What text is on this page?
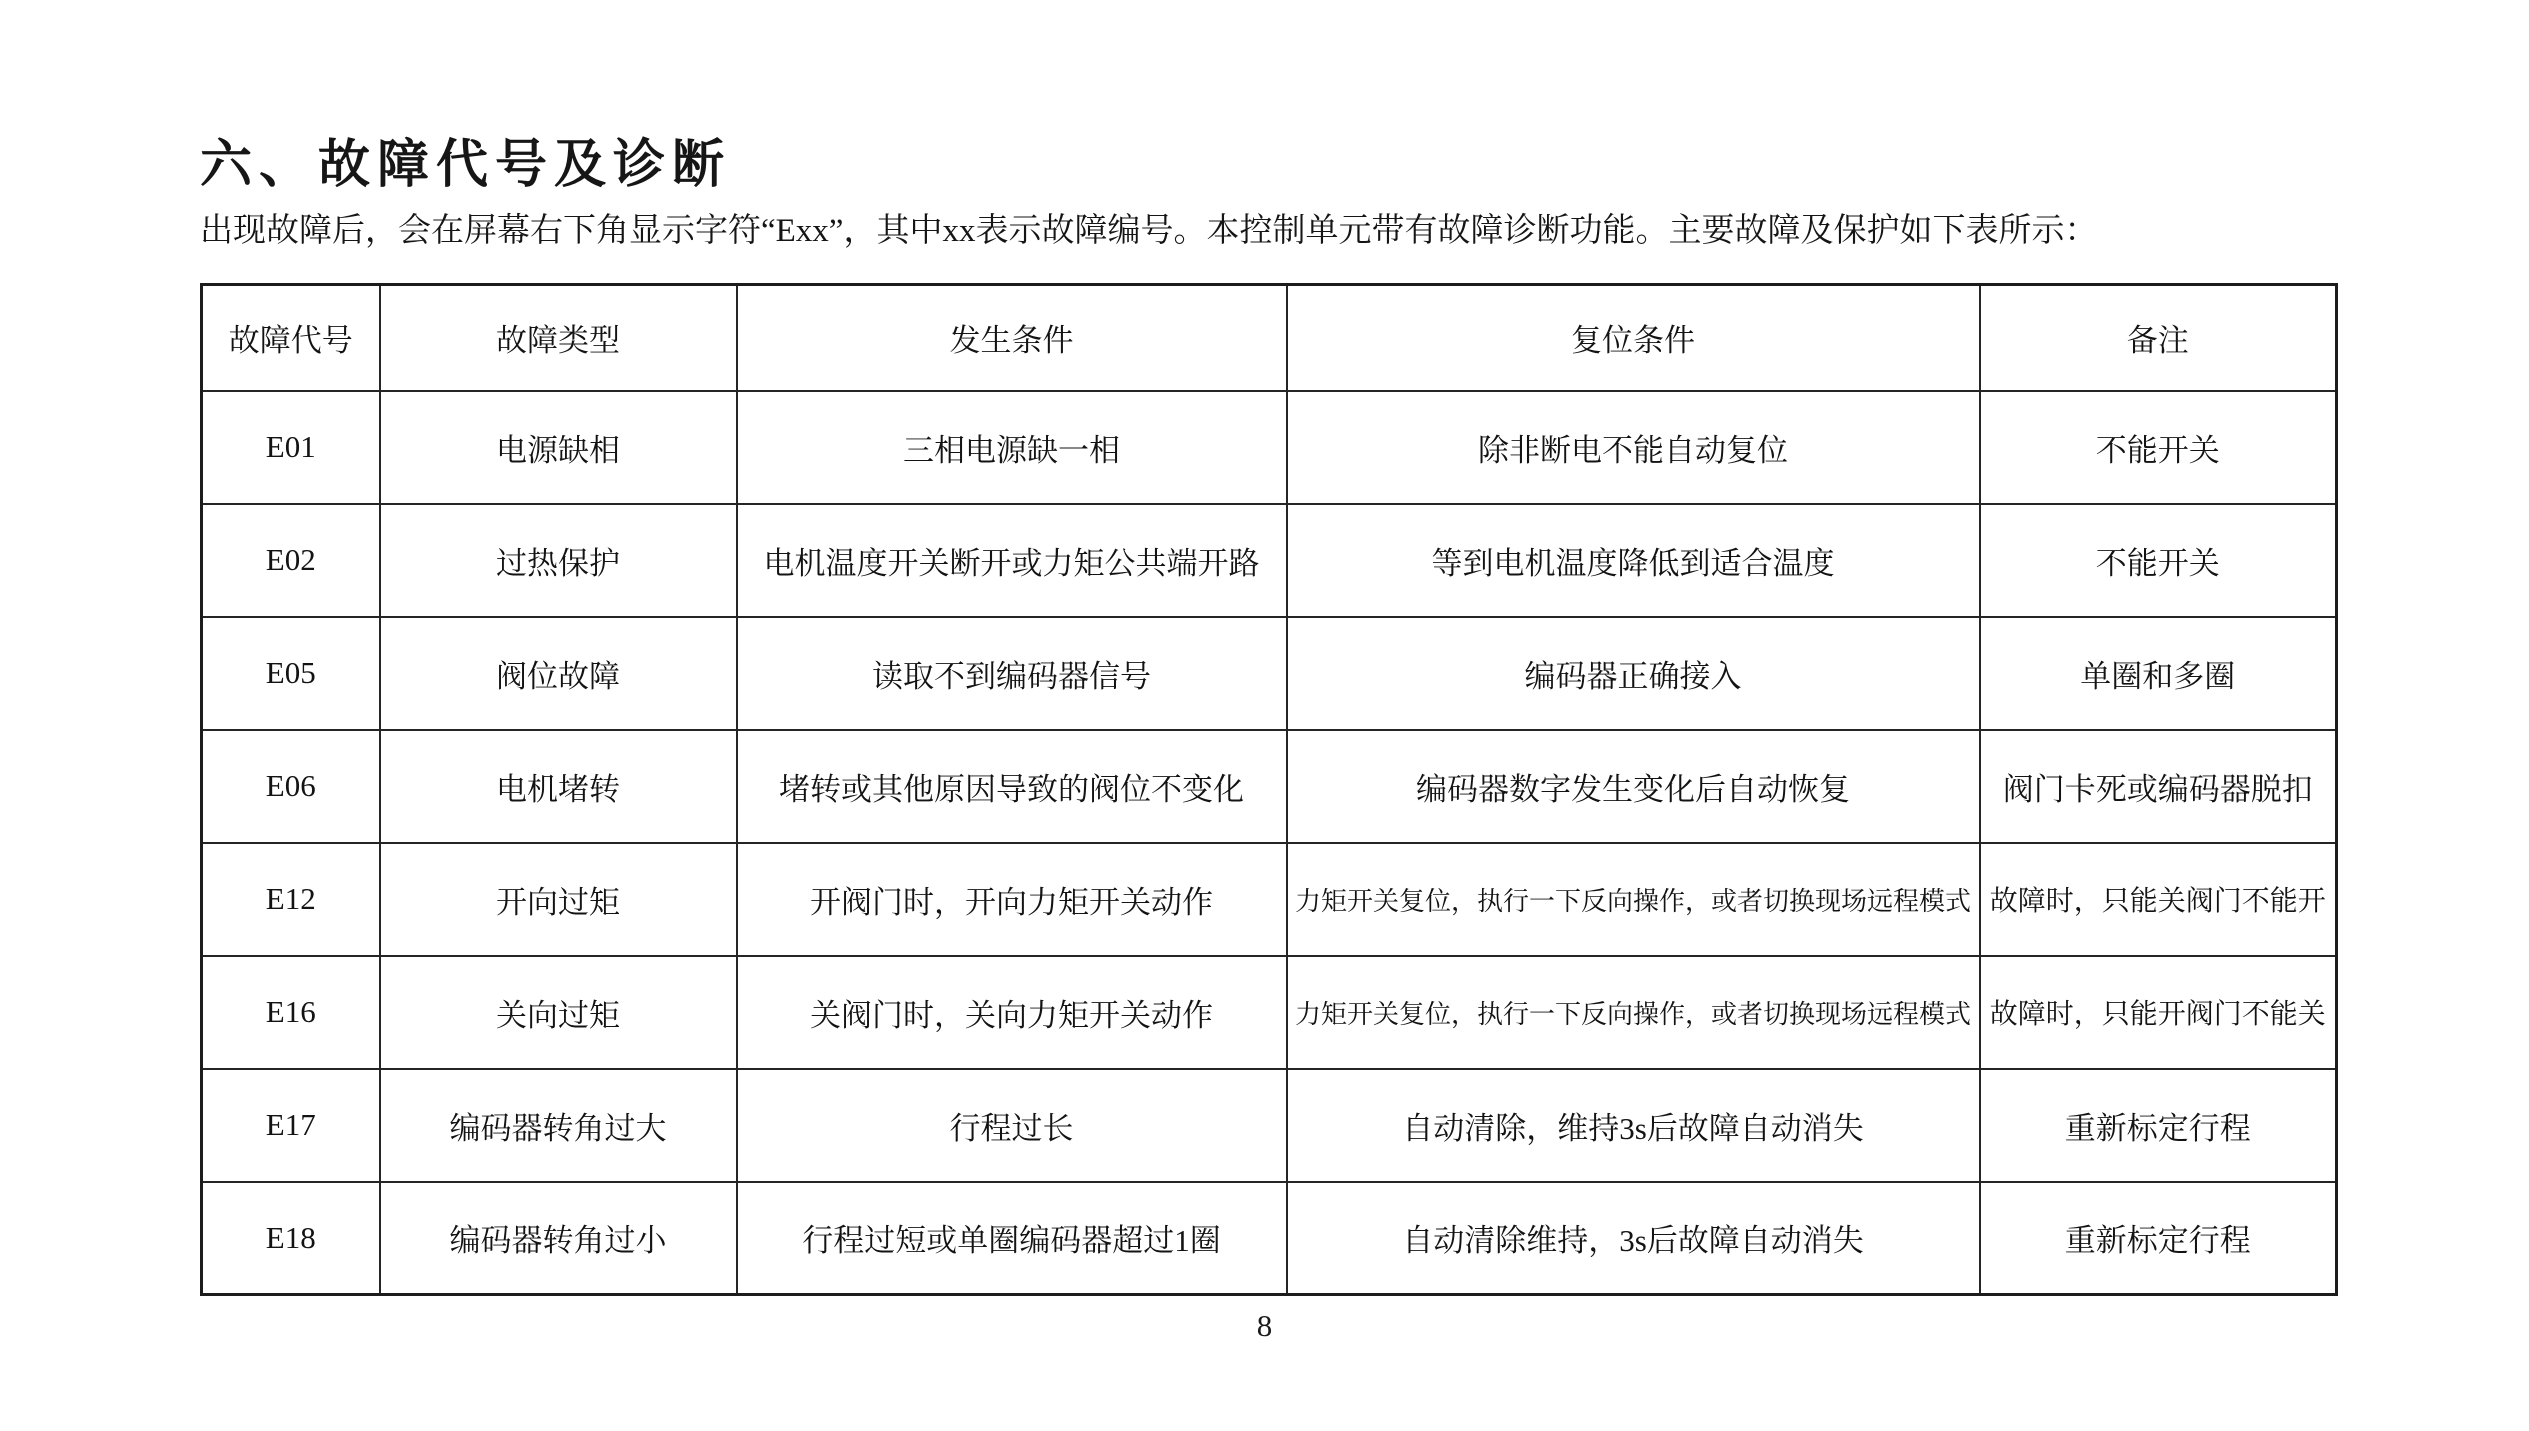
六、故障代号及诊断

出现故障后，会在屏幕右下角显示字符“Exx”，其中xx表示故障编号。本控制单元带有故障诊断功能。主要故障及保护如下表所示：

故障代号	故障类型	发生条件	复位条件	备注
E01	电源缺相	三相电源缺一相	除非断电不能自动复位	不能开关
E02	过热保护	电机温度开关断开或力矩公共端开路	等到电机温度降低到适合温度	不能开关
E05	阀位故障	读取不到编码器信号	编码器正确接入	单圈和多圈
E06	电机堵转	堵转或其他原因导致的阀位不变化	编码器数字发生变化后自动恢复	阀门卡死或编码器脱扣
E12	开向过矩	开阀门时，开向力矩开关动作	力矩开关复位，执行一下反向操作，或者切换现场远程模式	故障时，只能关阀门不能开
E16	关向过矩	关阀门时，关向力矩开关动作	力矩开关复位，执行一下反向操作，或者切换现场远程模式	故障时，只能开阀门不能关
E17	编码器转角过大	行程过长	自动清除，维持3s后故障自动消失	重新标定行程
E18	编码器转角过小	行程过短或单圈编码器超过1圈	自动清除维持，3s后故障自动消失	重新标定行程
8
